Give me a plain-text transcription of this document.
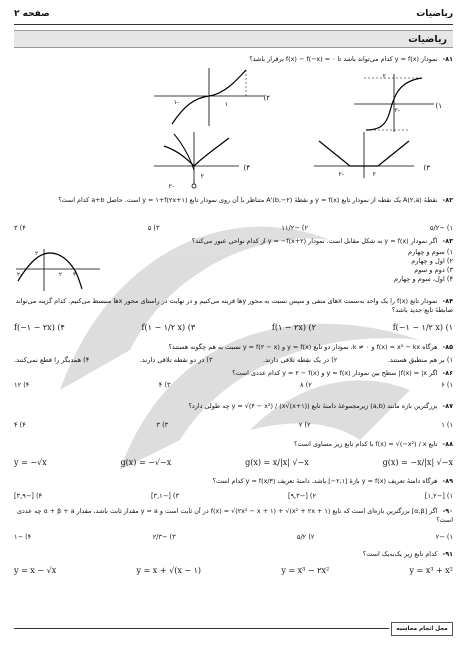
ریاضیات
صفحه ۲
ریاضیات
۸۱- نمودار y = f(x) کدام می‌تواند باشد تا ۰ = f(x) − f(−x) برقرار باشد؟
۲
-۲
۱)
۱
-۱
۲)
۲
-۲
۳)
۲
-۲
۴)
۸۲- نقطهٔ A(۲,a) یک نقطه از نمودار تابع y = f(x) و نقطهٔ A'(b,−۲) متناظر با آن روی نمودار تابع y = ۱+f(۲x+۱) است. حاصل a+b کدام است؟
۱) −۵/۲
۲) −۱۱/۲
۳) ۵
۴) ۳
۸۳- اگر نمودار y = f(x) به شکل مقابل است. نمودار y = −f(x+۲) از کدام نواحی عبور می‌کند؟
۱) سوم و چهارم
۲) اول و چهارم
۳) دوم و سوم
۴) اول، سوم و چهارم
۲
-۲	۲ ۴
۸۴- نمودار تابع f(x) را یک واحد به‌سمت xهای منفی و سپس نسبت به محور yها قرینه می‌کنیم و در نهایت در راستای محور xها منبسط می‌کنیم. کدام گزینه می‌تواند ضابطهٔ تابع جدید باشد؟
۱) f(−۱ − ۱/۲ x)
۲) f(۱ − ۲x)
۳) f(۱ − ۱/۲ x)
۴) f(−۱ − ۲x)
۸۵- هرگاه f(x) = x² − kx و k ≠ ۰، نمودار دو تابع y = f(x) و y = f(۲ − x) نسبت به هم چگونه هستند؟
۱) بر هم منطبق هستند.
۲) در یک نقطه تلاقی دارند.
۳) در دو نقطه تلاقی دارند.
۴) همدیگر را قطع نمی‌کنند.
۸۶- اگر f(x) = |x| سطح بین نمودار y = f(x) و y = ۲ − f(x) کدام عددی است؟
۱) ۶
۲) ۸
۳) ۴
۴) ۱۲
۸۷- بزرگترین بازه مانند (a,b) زیرمجموعهٔ دامنهٔ تابع y = √(۴ − x²) / (x√(x+۱)) چه طولی دارد؟
۱) ۱
۲) ۲
۳) ۳
۴) ۴
۸۸- تابع f(x) = √(−x²) / x با کدام تابع زیر مساوی است؟
g(x) = −x/|x| √−x
g(x) = x/|x| √−x
g(x) = −√−x
y = −√x
۸۹- هرگاه دامنهٔ تعریف y = f(x) بازهٔ [۲,۱−] باشد، دامنهٔ تعریف y = f(x/۳) کدام است؟
۱) [−۱,۲]
۲) [−۹,۳]
۳) [−۳,۱]
۴) [−۳,۹]
۹۰- اگر [α,β] بزرگترین بازه‌ای است که تابع f(x) = √(۲x² − x + ۱) + √(x² + ۲x + ۱) در آن ثابت است و y = a مقدار ثابت باشد، مقدار α + β + a چه عددی است؟
۱) −۲
۲) ۵/۲
۳) −۲/۳
۴) −۱
۹۱- کدام تابع زیر یک‌به‌یک است؟
y = x³ + x²
y = x³ − ۲x²
y = x + √(x − ۱)
y = x − √x
محل انجام محاسبه
